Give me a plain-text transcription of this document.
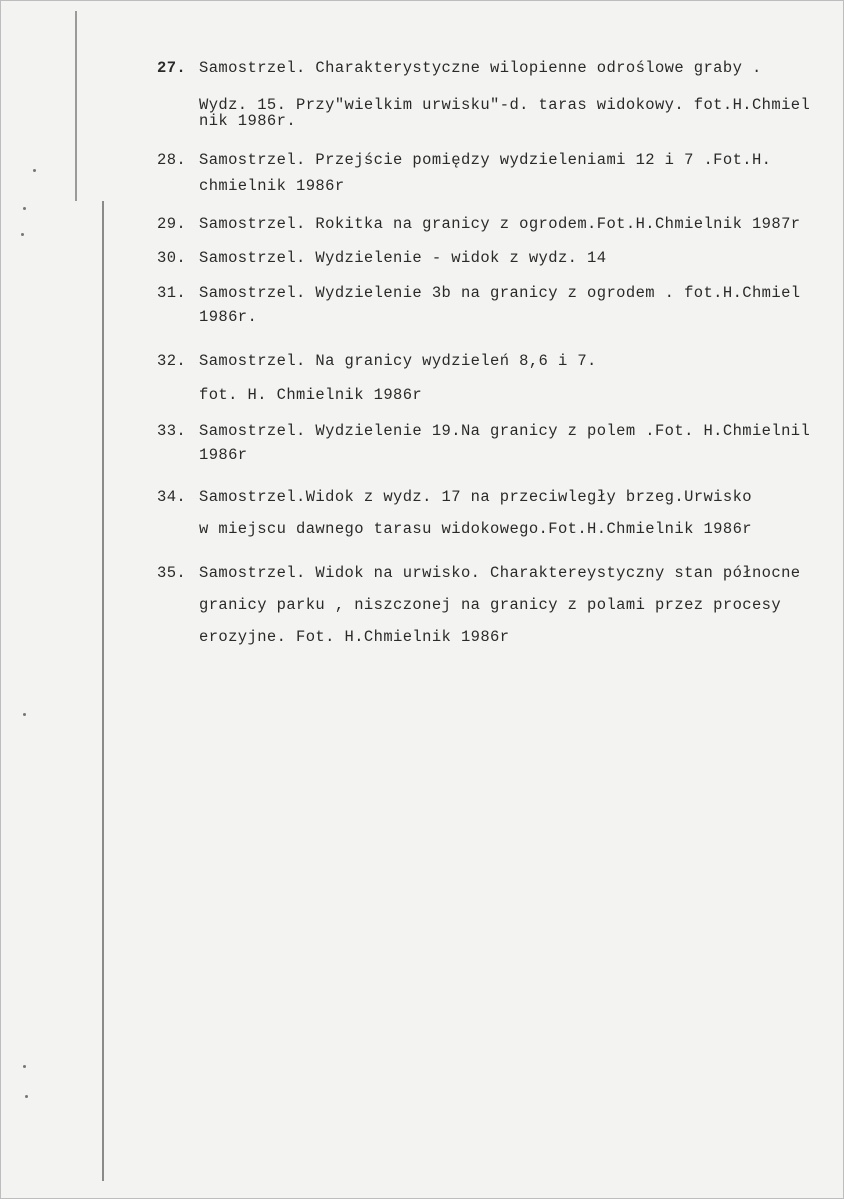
27. Samostrzel. Charakterystyczne wilopienne odroślowe graby .
Wydz. 15. Przy"wielkim urwisku"-d. taras widokowy. fot.H.Chmiel
nik 1986r.
28. Samostrzel. Przejście pomiędzy wydzieleniami 12 i 7 .Fot.H.
chmielnik 1986r
29. Samostrzel. Rokitka na granicy z ogrodem.Fot.H.Chmielnik 1987r
30. Samostrzel. Wydzielenie - widok z wydz. 14
31. Samostrzel. Wydzielenie 3b na granicy z ogrodem . fot.H.Chmiel
1986r.
32. Samostrzel. Na granicy wydzieleń 8,6 i 7.
fot. H. Chmielnik 1986r
33. Samostrzel. Wydzielenie 19.Na granicy z polem .Fot. H.Chmielnil
1986r
34. Samostrzel.Widok z wydz. 17 na przeciwległy brzeg.Urwisko
w miejscu dawnego tarasu widokowego.Fot.H.Chmielnik 1986r
35. Samostrzel. Widok na urwisko. Charaktereystyczny stan północne
granicy parku , niszczonej na granicy z polami przez procesy
erozyjne. Fot. H.Chmielnik 1986r
